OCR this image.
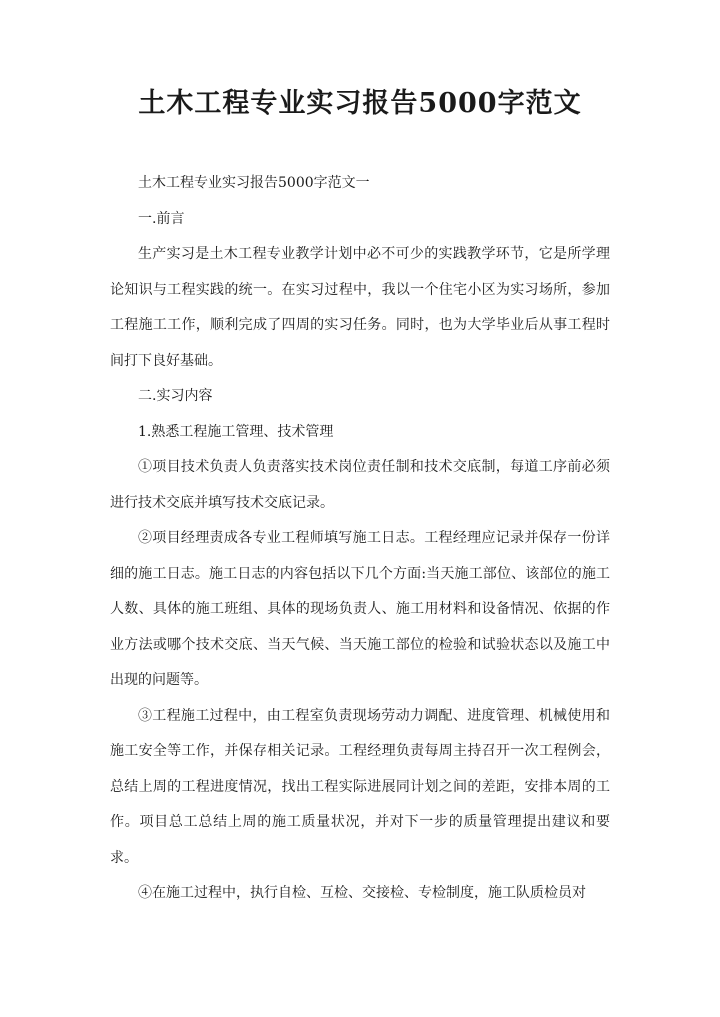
土木工程专业实习报告5000字范文

土木工程专业实习报告5000字范文一

一.前言

生产实习是土木工程专业教学计划中必不可少的实践教学环节，它是所学理论知识与工程实践的统一。在实习过程中，我以一个住宅小区为实习场所，参加工程施工工作，顺利完成了四周的实习任务。同时，也为大学毕业后从事工程时间打下良好基础。

二.实习内容

1.熟悉工程施工管理、技术管理

①项目技术负责人负责落实技术岗位责任制和技术交底制，每道工序前必须进行技术交底并填写技术交底记录。

②项目经理责成各专业工程师填写施工日志。工程经理应记录并保存一份详细的施工日志。施工日志的内容包括以下几个方面:当天施工部位、该部位的施工人数、具体的施工班组、具体的现场负责人、施工用材料和设备情况、依据的作业方法或哪个技术交底、当天气候、当天施工部位的检验和试验状态以及施工中出现的问题等。

③工程施工过程中，由工程室负责现场劳动力调配、进度管理、机械使用和施工安全等工作，并保存相关记录。工程经理负责每周主持召开一次工程例会，总结上周的工程进度情况，找出工程实际进展同计划之间的差距，安排本周的工作。项目总工总结上周的施工质量状况，并对下一步的质量管理提出建议和要求。

④在施工过程中，执行自检、互检、交接检、专检制度，施工队质检员对
